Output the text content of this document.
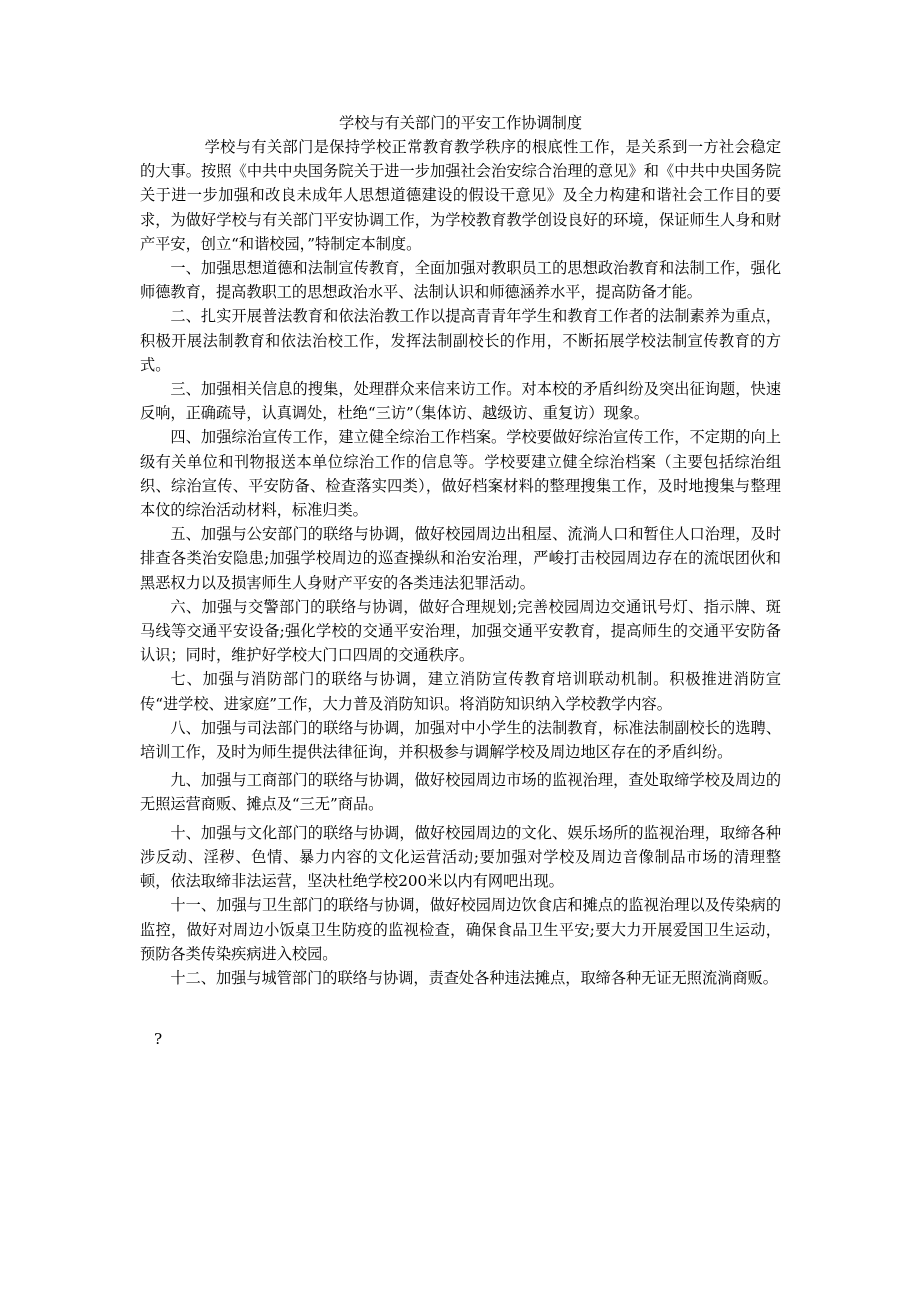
学校与有关部门的平安工作协调制度

学校与有关部门是保持学校正常教育教学秩序的根底性工作，是关系到一方社会稳定的大事。按照《中共中央国务院关于进一步加强社会治安综合治理的意见》和《中共中央国务院关于进一步加强和改良未成年人思想道德建设的假设干意见》及全力构建和谐社会工作目的要求，为做好学校与有关部门平安协调工作，为学校教育教学创设良好的环境，保证师生人身和财产平安，创立“和谐校园，”特制定本制度。

一、加强思想道德和法制宣传教育，全面加强对教职员工的思想政治教育和法制工作，强化师德教育，提高教职工的思想政治水平、法制认识和师德涵养水平，提高防备才能。

二、扎实开展普法教育和依法治教工作以提高青青年学生和教育工作者的法制素养为重点，积极开展法制教育和依法治校工作，发挥法制副校长的作用，不断拓展学校法制宣传教育的方式。

三、加强相关信息的搜集，处理群众来信来访工作。对本校的矛盾纠纷及突出征询题，快速反响，正确疏导，认真调处，杜绝“三访”（集体访、越级访、重复访）现象。

四、加强综治宣传工作，建立健全综治工作档案。学校要做好综治宣传工作，不定期的向上级有关单位和刊物报送本单位综治工作的信息等。学校要建立健全综治档案（主要包括综治组织、综治宣传、平安防备、检查落实四类），做好档案材料的整理搜集工作，及时地搜集与整理本伩的综治活动材料，标准归类。

五、加强与公安部门的联络与协调，做好校园周边出租屋、流淌人口和暂住人口治理，及时排查各类治安隐患;加强学校周边的巡查操纵和治安治理，严峻打击校园周边存在的流氓团伙和黑恶权力以及损害师生人身财产平安的各类违法犯罪活动。

六、加强与交警部门的联络与协调，做好合理规划;完善校园周边交通讯号灯、指示牌、斑马线等交通平安设备;强化学校的交通平安治理，加强交通平安教育，提高师生的交通平安防备认识；同时，维护好学校大门口四周的交通秩序。

七、加强与消防部门的联络与协调，建立消防宣传教育培训联动机制。积极推进消防宣传“进学校、进家庭”工作，大力普及消防知识。将消防知识纳入学校教学内容。

八、加强与司法部门的联络与协调，加强对中小学生的法制教育，标准法制副校长的选聘、培训工作，及时为师生提供法律征询，并积极参与调解学校及周边地区存在的矛盾纠纷。

九、加强与工商部门的联络与协调，做好校园周边市场的监视治理，查处取缔学校及周边的无照运营商贩、摊点及“三无”商品。

十、加强与文化部门的联络与协调，做好校园周边的文化、娱乐场所的监视治理，取缔各种涉反动、淫秽、色情、暴力内容的文化运营活动;要加强对学校及周边音像制品市场的清理整顿，依法取缔非法运营，坚决杜绝学校200米以内有网吧出现。

十一、加强与卫生部门的联络与协调，做好校园周边饮食店和摊点的监视治理以及传染病的监控，做好对周边小饭桌卫生防疫的监视检查，确保食品卫生平安;要大力开展爱国卫生运动，预防各类传染疾病进入校园。

十二、加强与城管部门的联络与协调，责查处各种违法摊点，取缔各种无证无照流淌商贩。

?
